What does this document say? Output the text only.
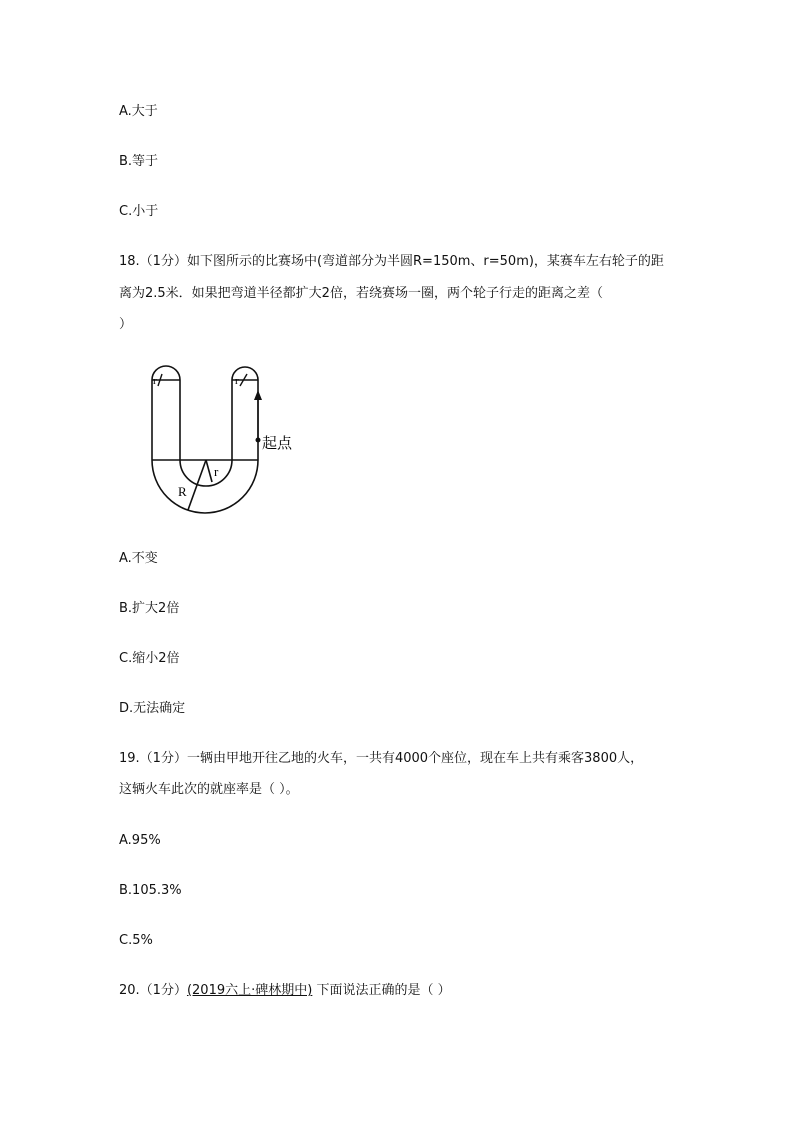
A.大于
B.等于
C.小于
18.（1分）如下图所示的比赛场中(弯道部分为半圆R=150m、r=50m)，某赛车左右轮子的距
离为2.5米．如果把弯道半径都扩大2倍，若绕赛场一圈，两个轮子行走的距离之差（
）
r	r
r
R
起点
A.不变
B.扩大2倍
C.缩小2倍
D.无法确定
19.（1分）一辆由甲地开往乙地的火车，一共有4000个座位，现在车上共有乘客3800人，
这辆火车此次的就座率是（ ）。
A.95%
B.105.3%
C.5%
20.（1分）(2019六上·碑林期中) 下面说法正确的是（ ）
